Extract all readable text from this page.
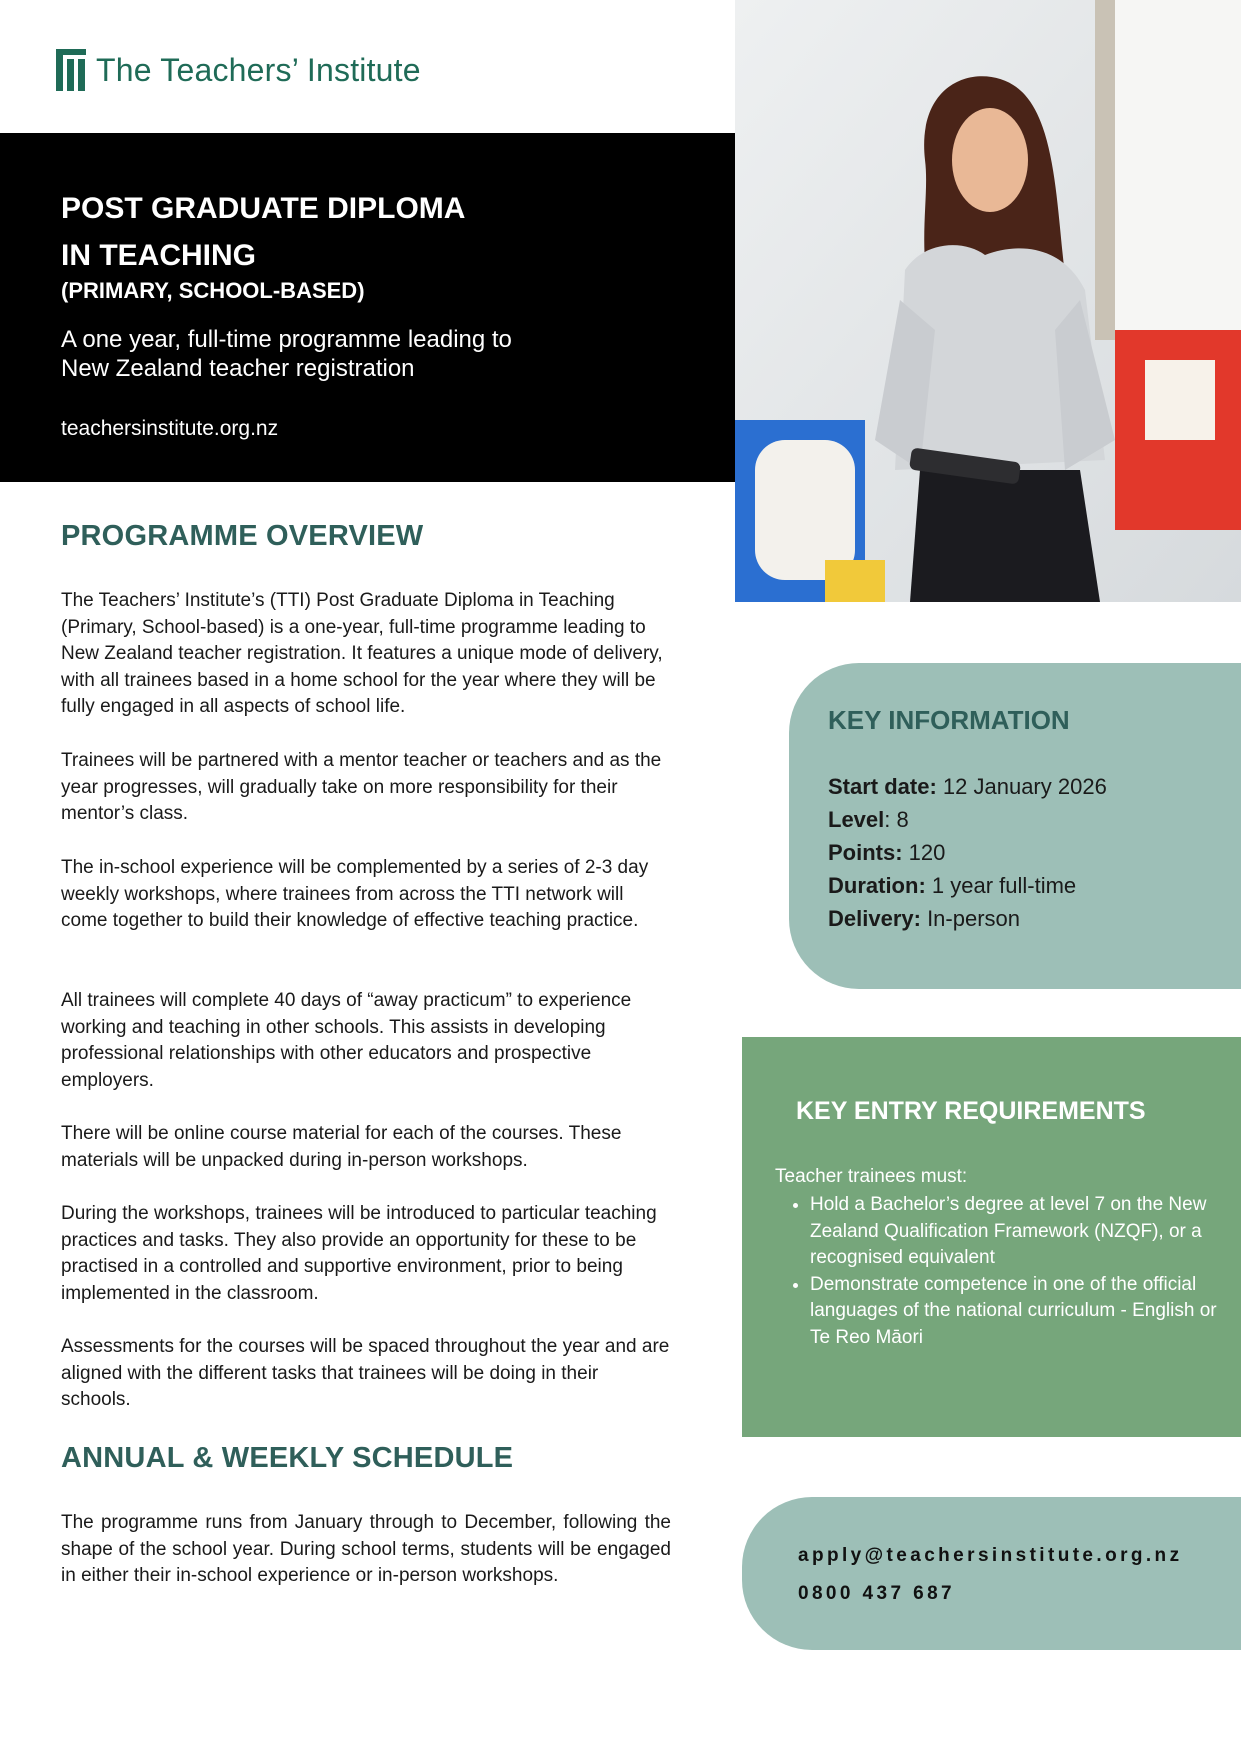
The Teachers’ Institute
POST GRADUATE DIPLOMA
IN TEACHING
(PRIMARY, SCHOOL-BASED)
A one year, full-time programme leading to
New Zealand teacher registration
teachersinstitute.org.nz
PROGRAMME OVERVIEW
The Teachers’ Institute’s (TTI) Post Graduate Diploma in Teaching (Primary, School-based) is a one-year, full-time programme leading to New Zealand teacher registration. It features a unique mode of delivery, with all trainees based in a home school for the year where they will be fully engaged in all aspects of school life.
Trainees will be partnered with a mentor teacher or teachers and as the year progresses, will gradually take on more responsibility for their mentor’s class.
The in-school experience will be complemented by a series of 2-3 day weekly workshops, where trainees from across the TTI network will come together to build their knowledge of effective teaching practice.
All trainees will complete 40 days of “away practicum” to experience working and teaching in other schools. This assists in developing professional relationships with other educators and prospective employers.
There will be online course material for each of the courses. These materials will be unpacked during in-person workshops.
During the workshops, trainees will be introduced to particular teaching practices and tasks. They also provide an opportunity for these to be practised in a controlled and supportive environment, prior to being implemented in the classroom.
Assessments for the courses will be spaced throughout the year and are aligned with the different tasks that trainees will be doing in their schools.
ANNUAL & WEEKLY SCHEDULE
The programme runs from January through to December, following the shape of the school year. During school terms, students will be engaged in either their in-school experience or in-person workshops.
KEY INFORMATION
Start date: 12 January 2026
Level: 8
Points: 120
Duration: 1 year full-time
Delivery: In-person
KEY ENTRY REQUIREMENTS
Teacher trainees must:
• Hold a Bachelor’s degree at level 7 on the New Zealand Qualification Framework (NZQF), or a recognised equivalent
• Demonstrate competence in one of the official languages of the national curriculum - English or Te Reo Māori
apply@teachersinstitute.org.nz
0800 437 687
